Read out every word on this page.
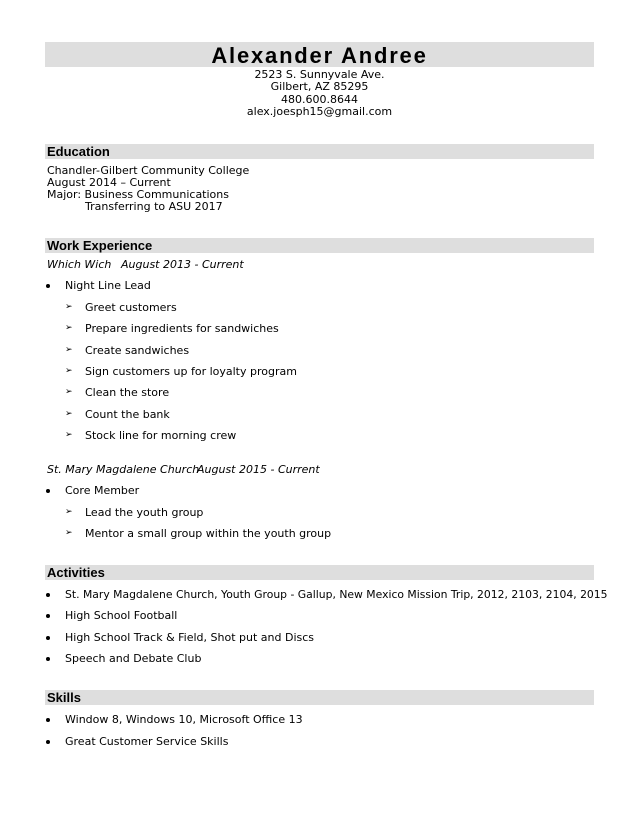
Alexander Andree
2523 S. Sunnyvale Ave.
Gilbert, AZ 85295
480.600.8644
alex.joesph15@gmail.com
Education
Chandler-Gilbert Community College
August 2014 – Current
Major: Business Communications
Transferring to ASU 2017
Work Experience
Which Wich August 2013 - Current
Night Line Lead
➢ Greet customers
➢ Prepare ingredients for sandwiches
➢ Create sandwiches
➢ Sign customers up for loyalty program
➢ Clean the store
➢ Count the bank
➢ Stock line for morning crew
St. Mary Magdalene Church
August 2015 - Current
Core Member
➢ Lead the youth group
➢ Mentor a small group within the youth group
Activities
St. Mary Magdalene Church, Youth Group - Gallup, New Mexico Mission Trip, 2012, 2103, 2104, 2015
High School Football
High School Track & Field, Shot put and Discs
Speech and Debate Club
Skills
Window 8, Windows 10, Microsoft Office 13
Great Customer Service Skills
